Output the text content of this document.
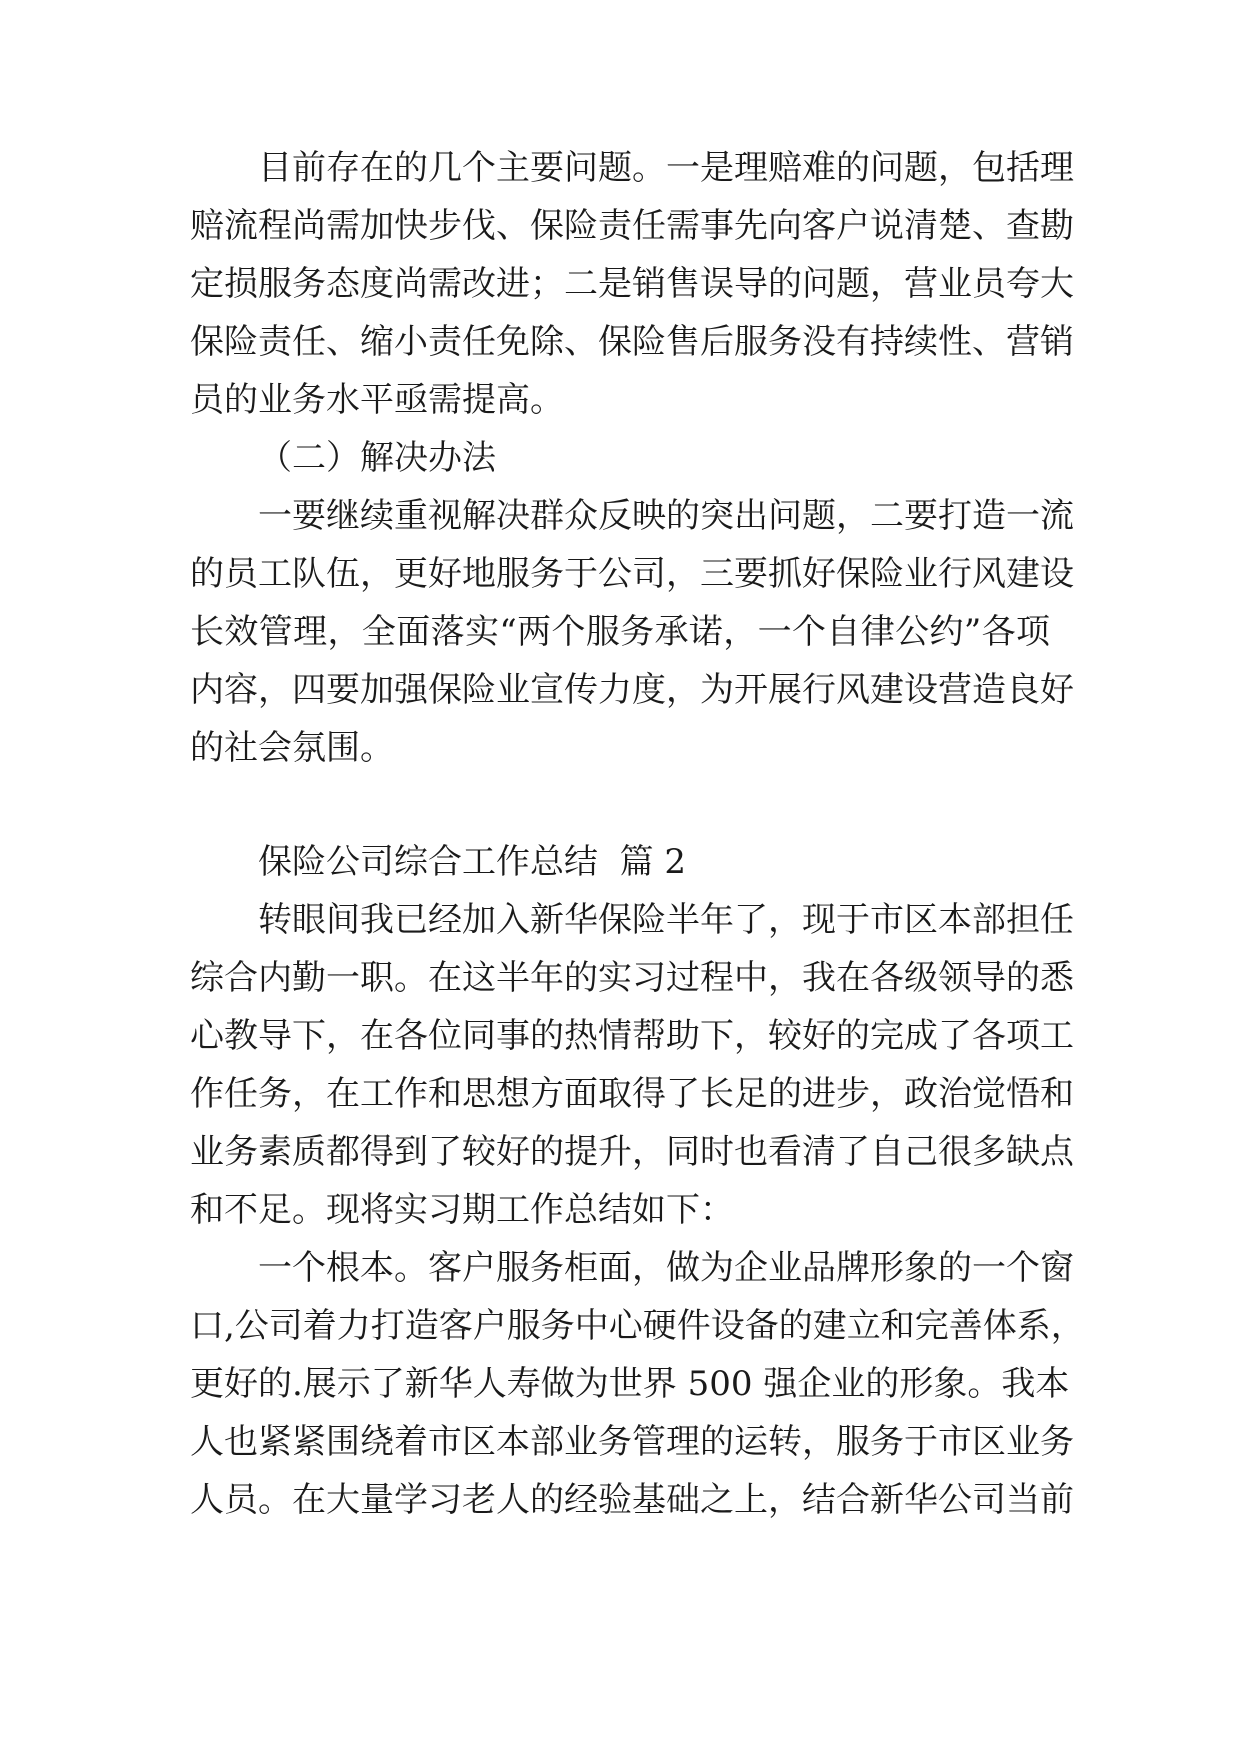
目前存在的几个主要问题。一是理赔难的问题，包括理
赔流程尚需加快步伐、保险责任需事先向客户说清楚、查勘
定损服务态度尚需改进；二是销售误导的问题，营业员夸大
保险责任、缩小责任免除、保险售后服务没有持续性、营销
员的业务水平亟需提高。
（二）解决办法
一要继续重视解决群众反映的突出问题，二要打造一流
的员工队伍，更好地服务于公司，三要抓好保险业行风建设
长效管理，全面落实“两个服务承诺，一个自律公约”各项
内容，四要加强保险业宣传力度，为开展行风建设营造良好
的社会氛围。
保险公司综合工作总结  篇 2
转眼间我已经加入新华保险半年了，现于市区本部担任
综合内勤一职。在这半年的实习过程中，我在各级领导的悉
心教导下，在各位同事的热情帮助下，较好的完成了各项工
作任务，在工作和思想方面取得了长足的进步，政治觉悟和
业务素质都得到了较好的提升，同时也看清了自己很多缺点
和不足。现将实习期工作总结如下：
一个根本。客户服务柜面，做为企业品牌形象的一个窗
口,公司着力打造客户服务中心硬件设备的建立和完善体系，
更好的.展示了新华人寿做为世界 500 强企业的形象。我本
人也紧紧围绕着市区本部业务管理的运转，服务于市区业务
人员。在大量学习老人的经验基础之上，结合新华公司当前
